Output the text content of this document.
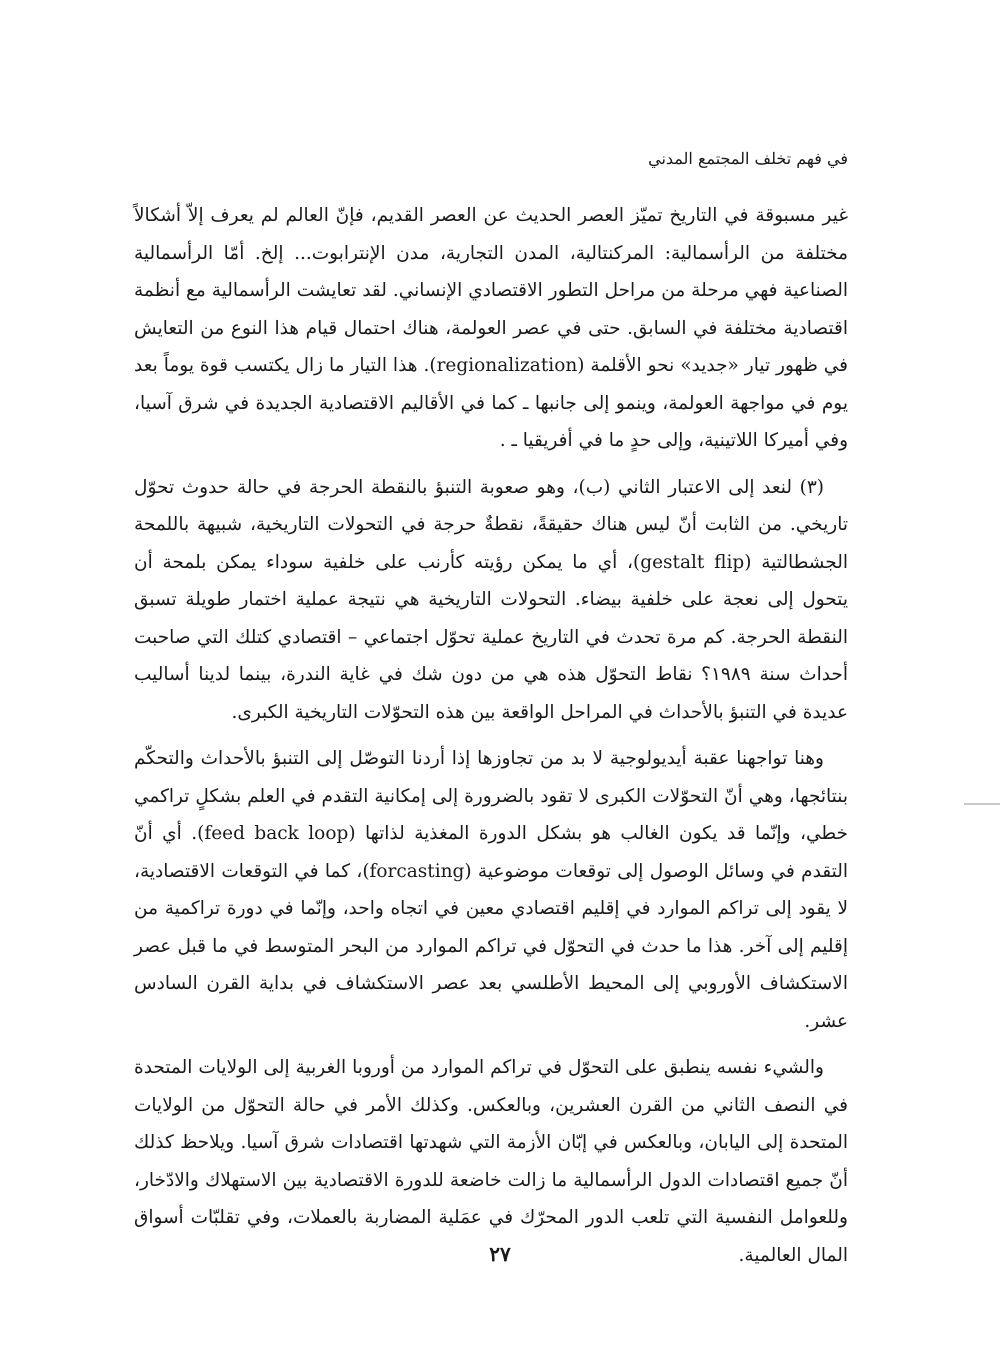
في فهم تخلف المجتمع المدني

غير مسبوقة في التاريخ تميّز العصر الحديث عن العصر القديم، فإنّ العالم لم يعرف إلاّ أشكالاً مختلفة من الرأسمالية: المركنتالية، المدن التجارية، مدن الإنترابوت... إلخ. أمّا الرأسمالية الصناعية فهي مرحلة من مراحل التطور الاقتصادي الإنساني. لقد تعايشت الرأسمالية مع أنظمة اقتصادية مختلفة في السابق. حتى في عصر العولمة، هناك احتمال قيام هذا النوع من التعايش في ظهور تيار «جديد» نحو الأقلمة (regionalization). هذا التيار ما زال يكتسب قوة يوماً بعد يوم في مواجهة العولمة، وينمو إلى جانبها ـ كما في الأقاليم الاقتصادية الجديدة في شرق آسيا، وفي أميركا اللاتينية، وإلى حدٍ ما في أفريقيا ـ .

(٣) لنعد إلى الاعتبار الثاني (ب)، وهو صعوبة التنبؤ بالنقطة الحرجة في حالة حدوث تحوّل تاريخي. من الثابت أنّ ليس هناك حقيقةً، نقطةٌ حرجة في التحولات التاريخية، شبيهة باللمحة الجشطالتية (gestalt flip)، أي ما يمكن رؤيته كأرنب على خلفية سوداء يمكن بلمحة أن يتحول إلى نعجة على خلفية بيضاء. التحولات التاريخية هي نتيجة عملية اختمار طويلة تسبق النقطة الحرجة. كم مرة تحدث في التاريخ عملية تحوّل اجتماعي – اقتصادي كتلك التي صاحبت أحداث سنة ١٩٨٩؟ نقاط التحوّل هذه هي من دون شك في غاية الندرة، بينما لدينا أساليب عديدة في التنبؤ بالأحداث في المراحل الواقعة بين هذه التحوّلات التاريخية الكبرى.

وهنا تواجهنا عقبة أيديولوجية لا بد من تجاوزها إذا أردنا التوصّل إلى التنبؤ بالأحداث والتحكّم بنتائجها، وهي أنّ التحوّلات الكبرى لا تقود بالضرورة إلى إمكانية التقدم في العلم بشكلٍ تراكمي خطي، وإنّما قد يكون الغالب هو بشكل الدورة المغذية لذاتها (feed back loop). أي أنّ التقدم في وسائل الوصول إلى توقعات موضوعية (forcasting)، كما في التوقعات الاقتصادية، لا يقود إلى تراكم الموارد في إقليم اقتصادي معين في اتجاه واحد، وإنّما في دورة تراكمية من إقليم إلى آخر. هذا ما حدث في التحوّل في تراكم الموارد من البحر المتوسط في ما قبل عصر الاستكشاف الأوروبي إلى المحيط الأطلسي بعد عصر الاستكشاف في بداية القرن السادس عشر.

والشيء نفسه ينطبق على التحوّل في تراكم الموارد من أوروبا الغربية إلى الولايات المتحدة في النصف الثاني من القرن العشرين، وبالعكس. وكذلك الأمر في حالة التحوّل من الولايات المتحدة إلى اليابان، وبالعكس في إبّان الأزمة التي شهدتها اقتصادات شرق آسيا. ويلاحظ كذلك أنّ جميع اقتصادات الدول الرأسمالية ما زالت خاضعة للدورة الاقتصادية بين الاستهلاك والادّخار، وللعوامل النفسية التي تلعب الدور المحرّك في عمَلية المضاربة بالعملات، وفي تقلبّات أسواق المال العالمية.

٢٧
